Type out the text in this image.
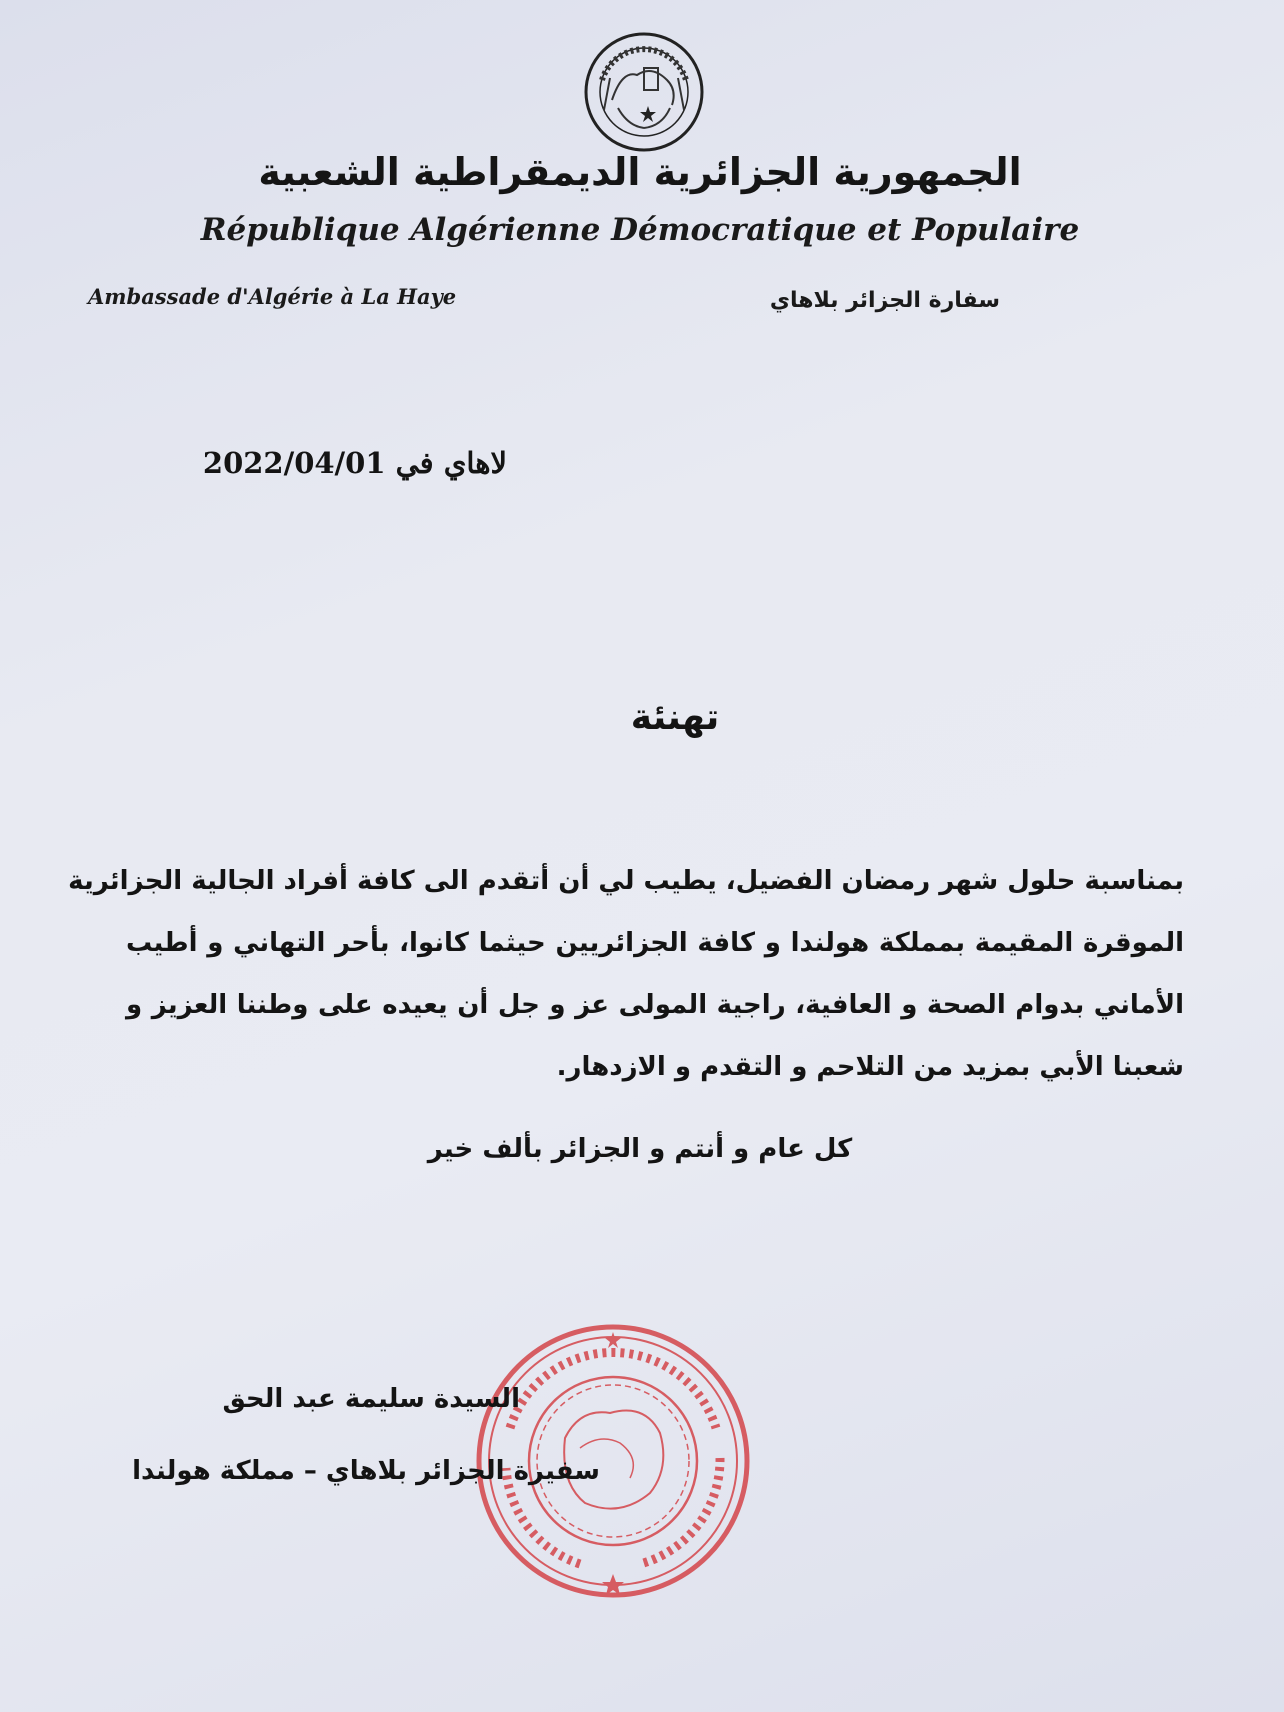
الجمهورية الجزائرية الديمقراطية الشعبية
République Algérienne Démocratique et Populaire
Ambassade d'Algérie à La Haye	سفارة الجزائر بلاهاي
لاهاي في 2022/04/01
تهنئة
بمناسبة حلول شهر رمضان الفضيل، يطيب لي أن أتقدم الى كافة أفراد الجالية الجزائرية
الموقرة المقيمة بمملكة هولندا و كافة الجزائريين حيثما كانوا، بأحر التهاني و أطيب
الأماني بدوام الصحة و العافية، راجية المولى عز و جل أن يعيده على وطننا العزيز و
شعبنا الأبي بمزيد من التلاحم و التقدم و الازدهار.
كل عام و أنتم و الجزائر بألف خير
السيدة سليمة عبد الحق
سفيرة الجزائر بلاهاي – مملكة هولندا
